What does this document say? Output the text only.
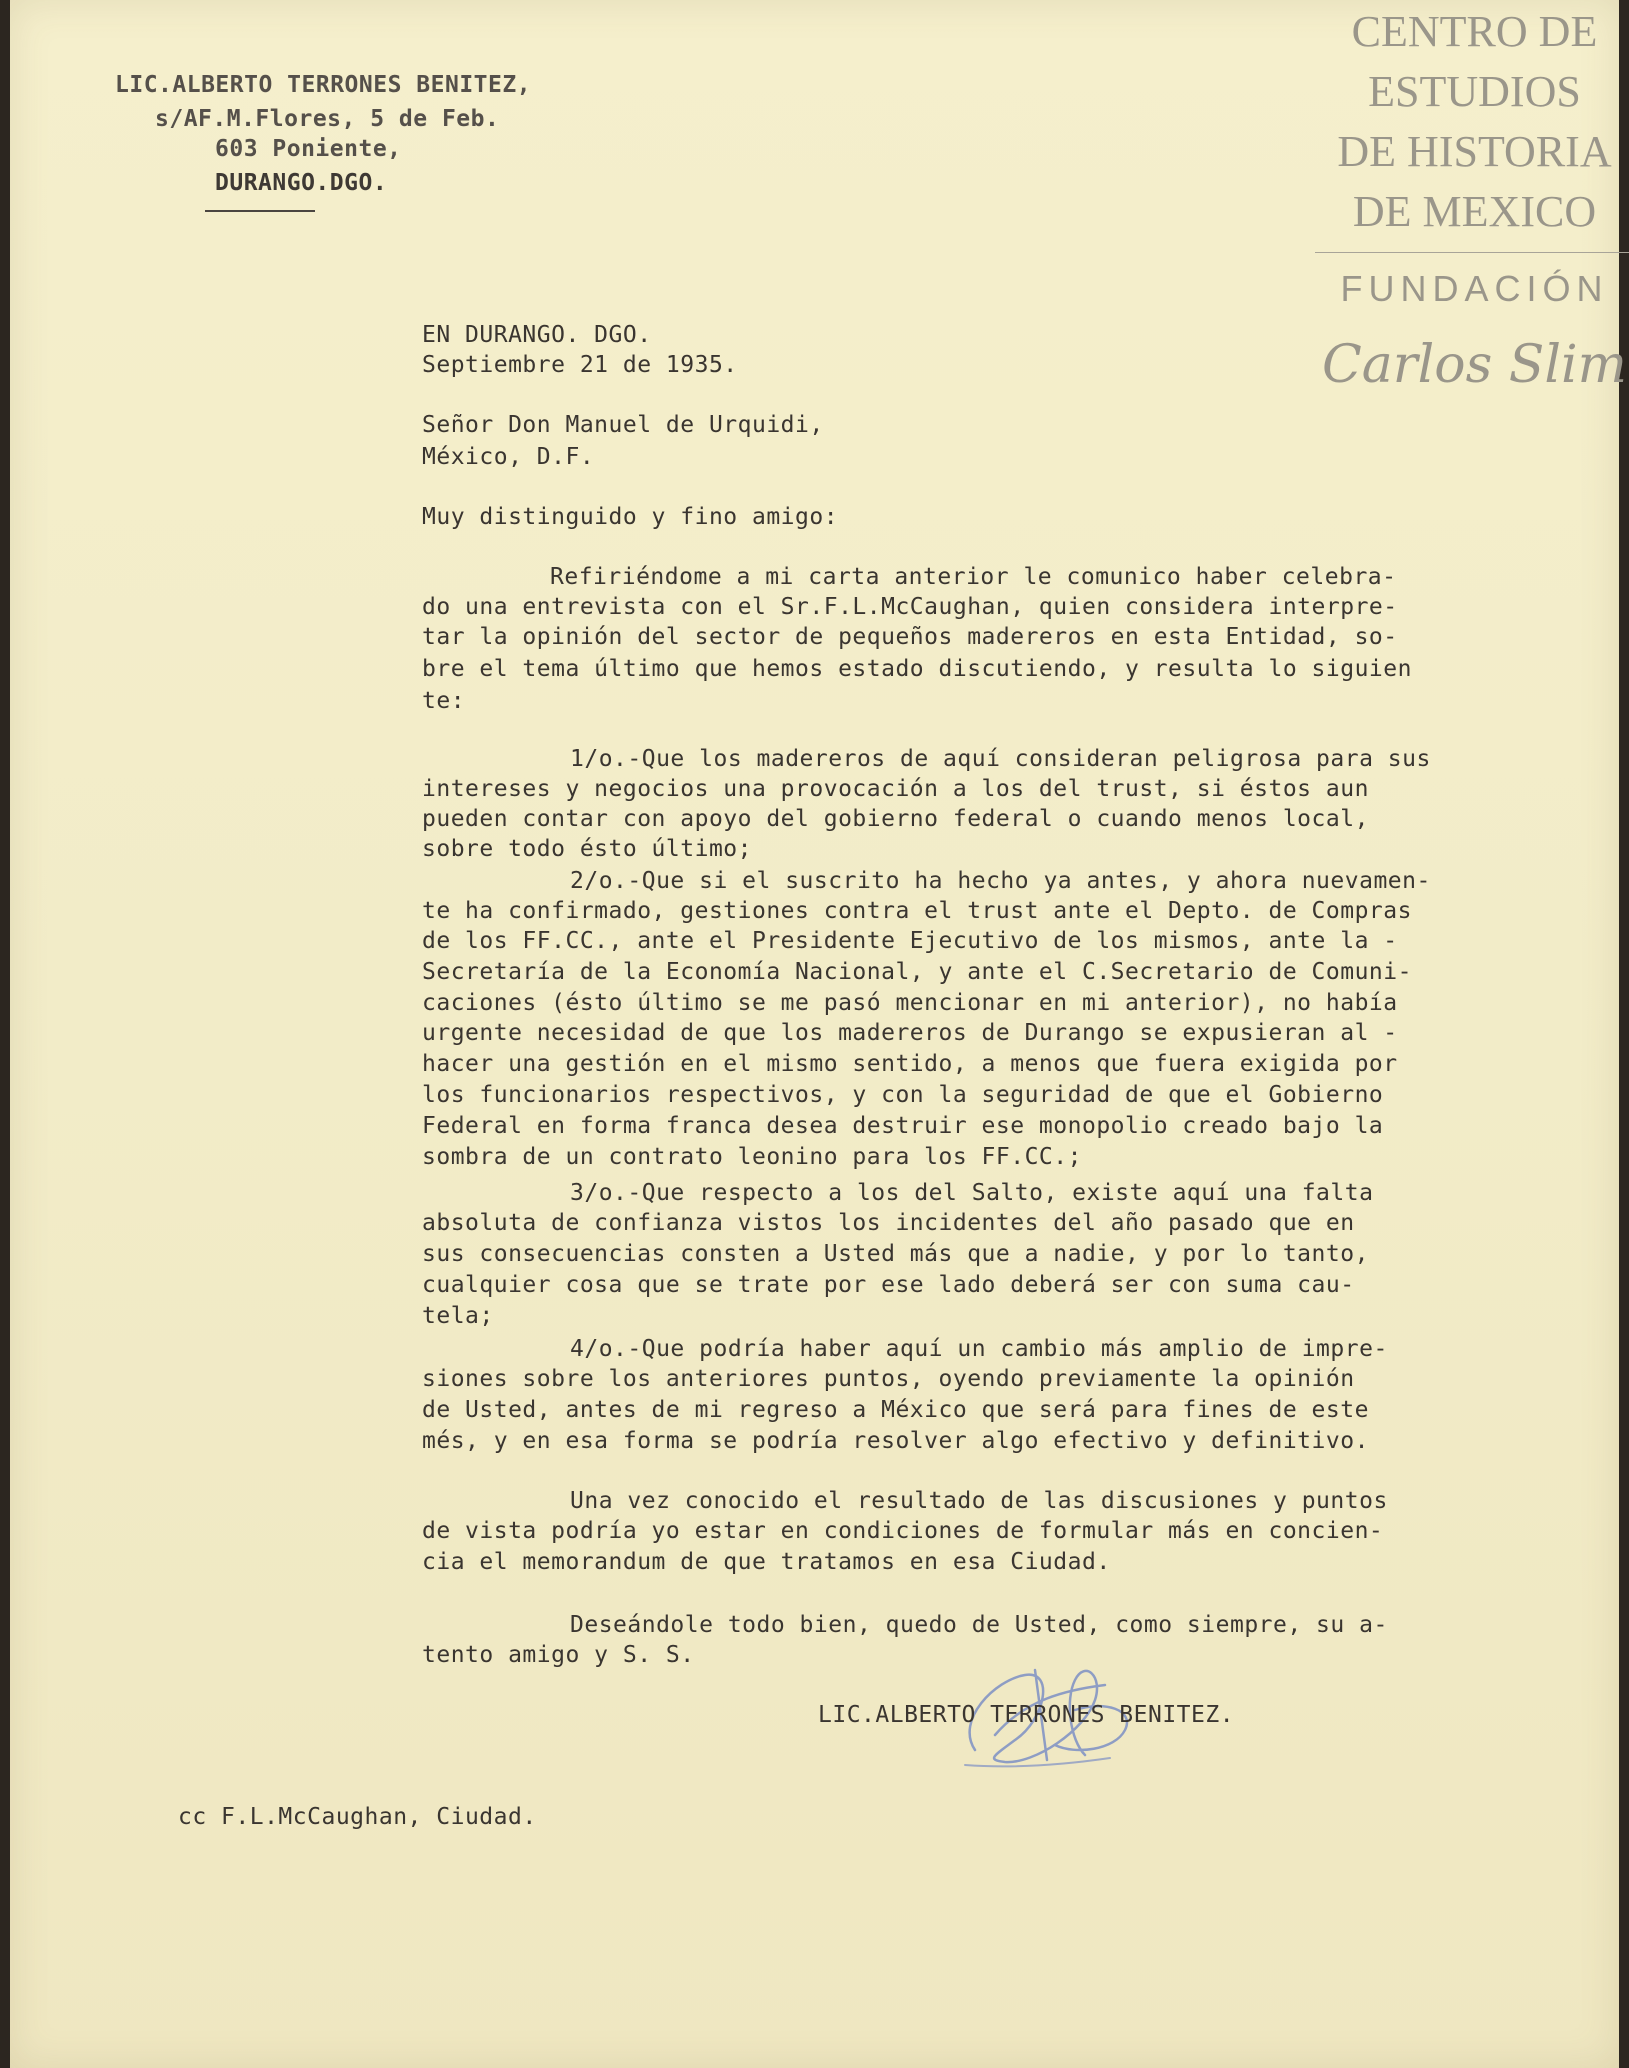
CENTRO DE
ESTUDIOS
DE HISTORIA
DE MEXICO
FUNDACIÓN
Carlos Slim

LIC.ALBERTO TERRONES BENITEZ,

s/AF.M.Flores, 5 de Feb.

603 Poniente,

DURANGO.DGO.

EN DURANGO. DGO.

Septiembre 21 de 1935.

Señor Don Manuel de Urquidi,

México, D.F.

Muy distinguido y fino amigo:

Refiriéndome a mi carta anterior le comunico haber celebra-

do una entrevista con el Sr.F.L.McCaughan, quien considera interpre-

tar la opinión del sector de pequeños madereros en esta Entidad, so-

bre el tema último que hemos estado discutiendo, y resulta lo siguien

te:

1/o.-Que los madereros de aquí consideran peligrosa para sus

intereses y negocios una provocación a los del trust, si éstos aun

pueden contar con apoyo del gobierno federal o cuando menos local,

sobre todo ésto último;

2/o.-Que si el suscrito ha hecho ya antes, y ahora nuevamen-

te ha confirmado, gestiones contra el trust ante el Depto. de Compras

de los FF.CC., ante el Presidente Ejecutivo de los mismos, ante la -

Secretaría de la Economía Nacional, y ante el C.Secretario de Comuni-

caciones (ésto último se me pasó mencionar en mi anterior), no había

urgente necesidad de que los madereros de Durango se expusieran al -

hacer una gestión en el mismo sentido, a menos que fuera exigida por

los funcionarios respectivos, y con la seguridad de que el Gobierno

Federal en forma franca desea destruir ese monopolio creado bajo la

sombra de un contrato leonino para los FF.CC.;

3/o.-Que respecto a los del Salto, existe aquí una falta

absoluta de confianza vistos los incidentes del año pasado que en

sus consecuencias consten a Usted más que a nadie, y por lo tanto,

cualquier cosa que se trate por ese lado deberá ser con suma cau-

tela;

4/o.-Que podría haber aquí un cambio más amplio de impre-

siones sobre los anteriores puntos, oyendo previamente la opinión

de Usted, antes de mi regreso a México que será para fines de este

més, y en esa forma se podría resolver algo efectivo y definitivo.

Una vez conocido el resultado de las discusiones y puntos

de vista podría yo estar en condiciones de formular más en concien-

cia el memorandum de que tratamos en esa Ciudad.

Deseándole todo bien, quedo de Usted, como siempre, su a-

tento amigo y S. S.

LIC.ALBERTO TERRONES BENITEZ.
cc F.L.McCaughan, Ciudad.
